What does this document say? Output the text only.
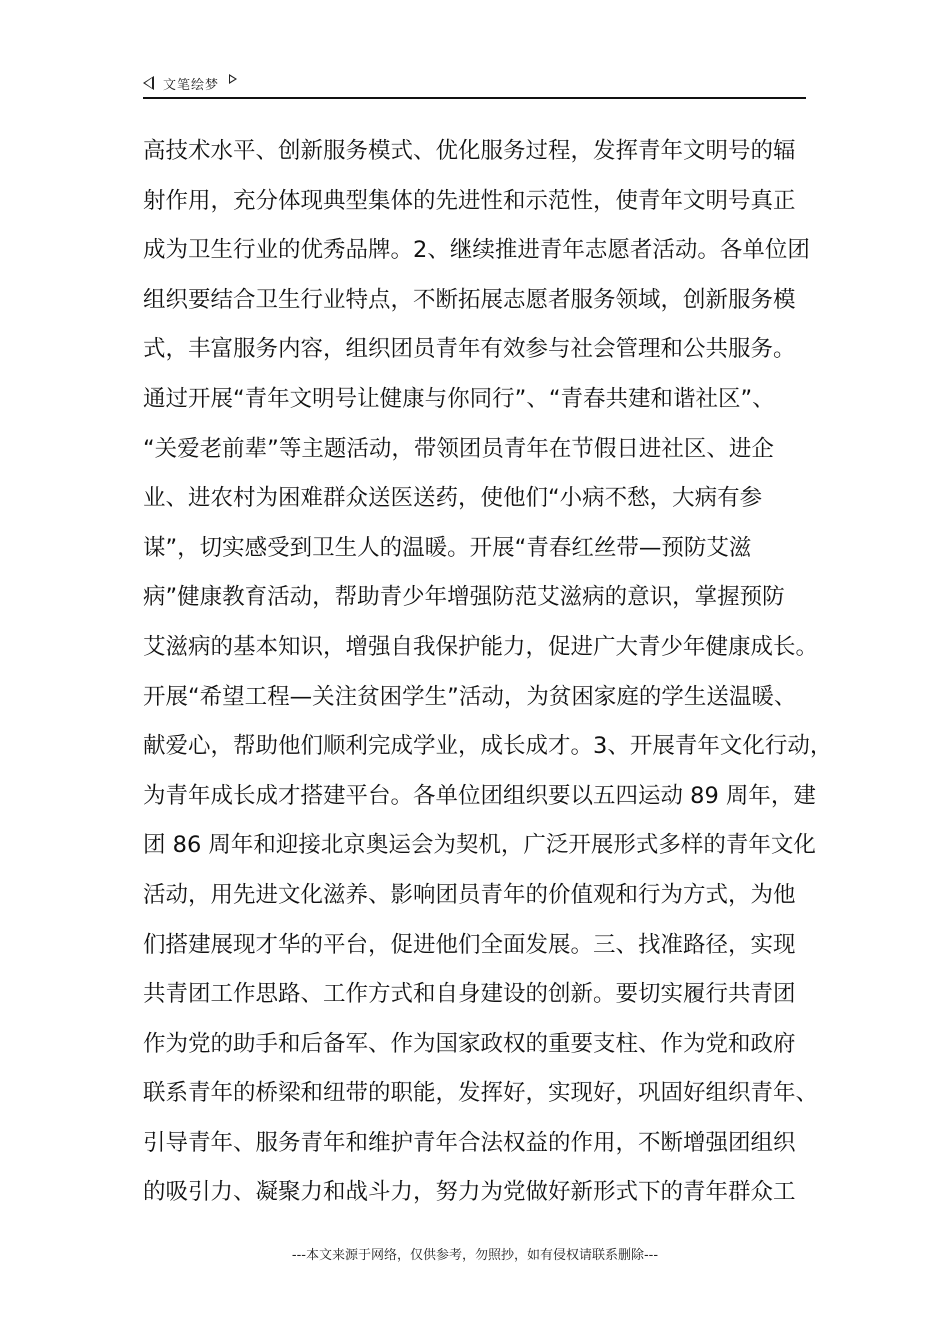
文笔绘梦
高技术水平、创新服务模式、优化服务过程，发挥青年文明号的辐
射作用，充分体现典型集体的先进性和示范性，使青年文明号真正
成为卫生行业的优秀品牌。2、继续推进青年志愿者活动。各单位团
组织要结合卫生行业特点，不断拓展志愿者服务领域，创新服务模
式，丰富服务内容，组织团员青年有效参与社会管理和公共服务。
通过开展“青年文明号让健康与你同行”、“青春共建和谐社区”、
“关爱老前辈”等主题活动，带领团员青年在节假日进社区、进企
业、进农村为困难群众送医送药，使他们“小病不愁，大病有参
谋”，切实感受到卫生人的温暖。开展“青春红丝带—预防艾滋
病”健康教育活动，帮助青少年增强防范艾滋病的意识，掌握预防
艾滋病的基本知识，增强自我保护能力，促进广大青少年健康成长。
开展“希望工程—关注贫困学生”活动，为贫困家庭的学生送温暖、
献爱心，帮助他们顺利完成学业，成长成才。3、开展青年文化行动，
为青年成长成才搭建平台。各单位团组织要以五四运动 89 周年，建
团 86 周年和迎接北京奥运会为契机，广泛开展形式多样的青年文化
活动，用先进文化滋养、影响团员青年的价值观和行为方式，为他
们搭建展现才华的平台，促进他们全面发展。三、找准路径，实现
共青团工作思路、工作方式和自身建设的创新。要切实履行共青团
作为党的助手和后备军、作为国家政权的重要支柱、作为党和政府
联系青年的桥梁和纽带的职能，发挥好，实现好，巩固好组织青年、
引导青年、服务青年和维护青年合法权益的作用，不断增强团组织
的吸引力、凝聚力和战斗力，努力为党做好新形式下的青年群众工
---本文来源于网络，仅供参考，勿照抄，如有侵权请联系删除---
